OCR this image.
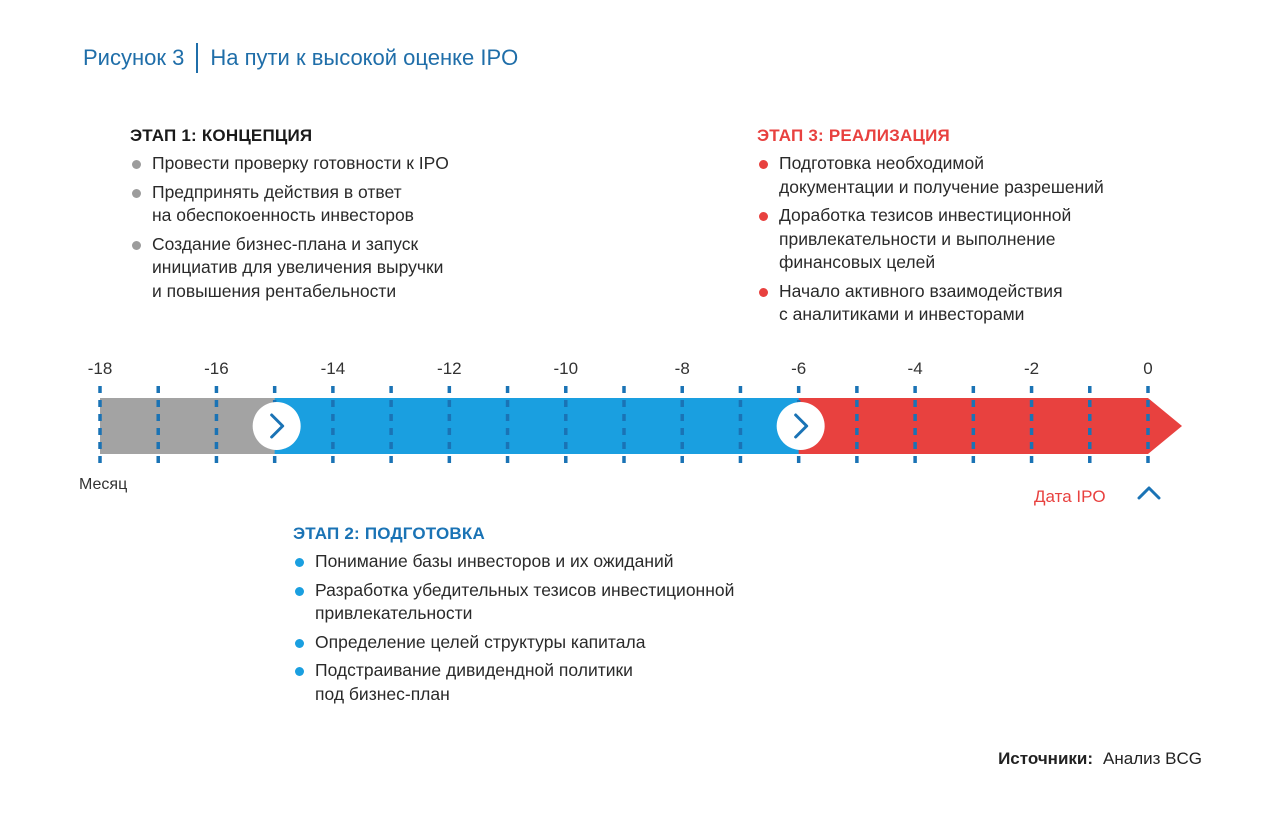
Рисунок 3 На пути к высокой оценке IPO
ЭТАП 1: КОНЦЕПЦИЯ
Провести проверку готовности к IPO
Предпринять действия в ответ
на обеспокоенность инвесторов
Создание бизнес-плана и запуск
инициатив для увеличения выручки
и повышения рентабельности
ЭТАП 3: РЕАЛИЗАЦИЯ
Подготовка необходимой
документации и получение разрешений
Доработка тезисов инвестиционной
привлекательности и выполнение
финансовых целей
Начало активного взаимодействия
с аналитиками и инвесторами
-18	-16	-14	-12	-10	-8	-6	-4	-2	0
Месяц
Дата IPO
ЭТАП 2: ПОДГОТОВКА
Понимание базы инвесторов и их ожиданий
Разработка убедительных тезисов инвестиционной
привлекательности
Определение целей структуры капитала
Подстраивание дивидендной политики
под бизнес-план
Источники: Анализ BCG
